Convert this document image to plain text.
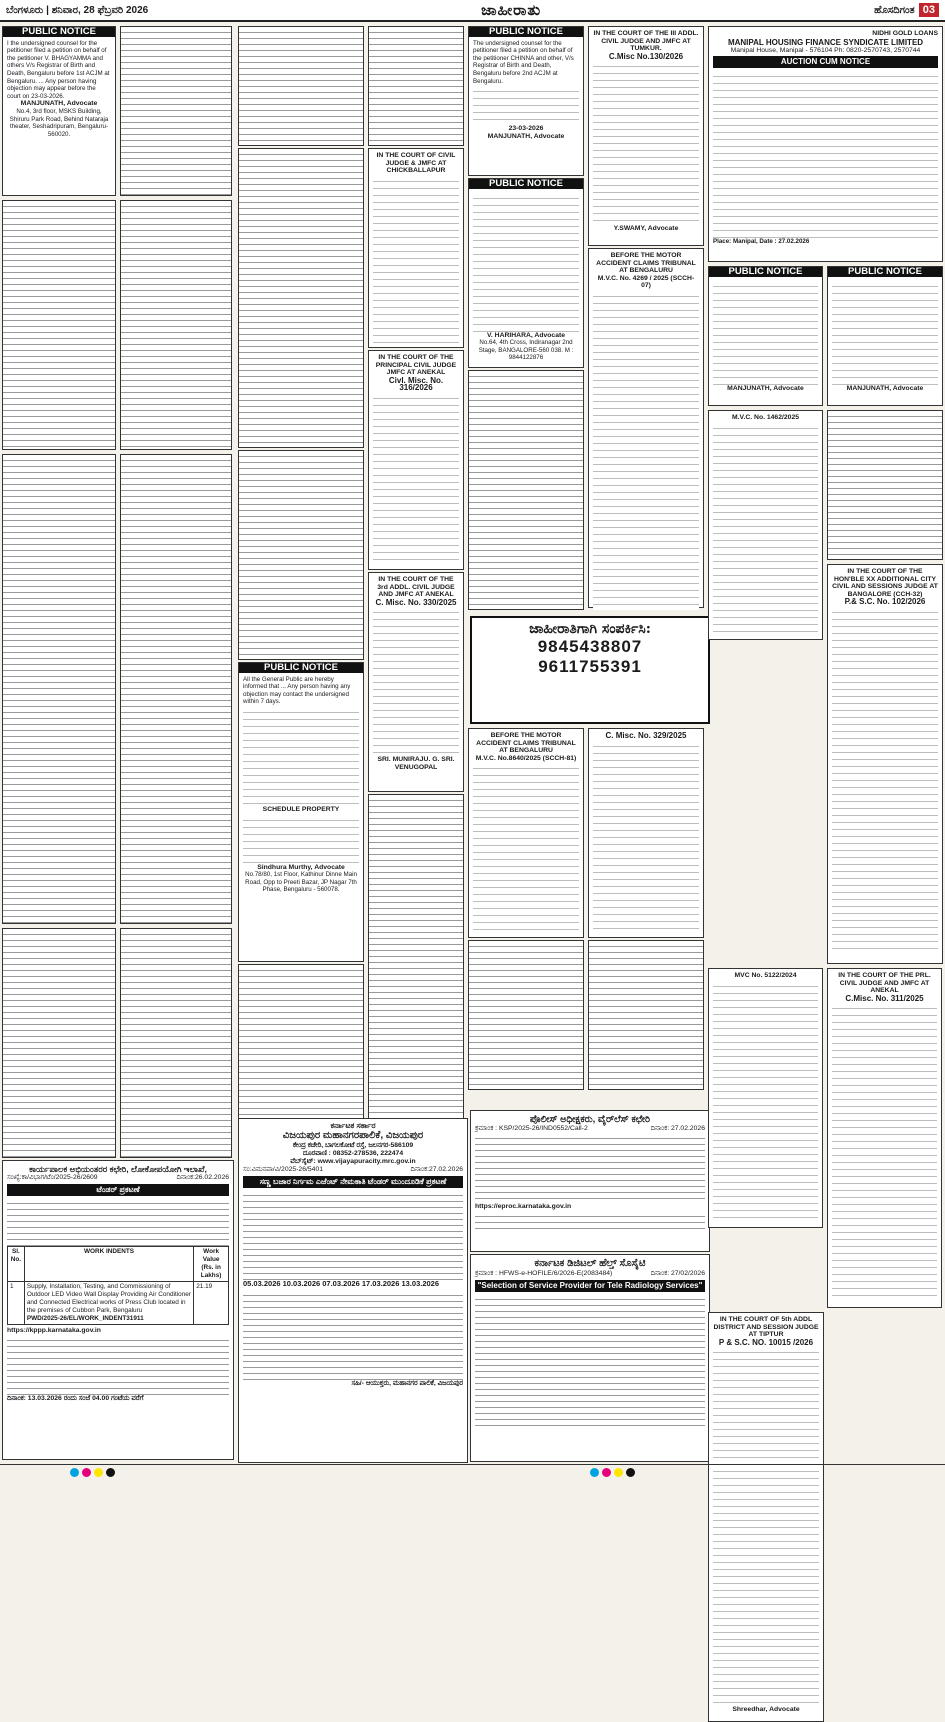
ಬೆಂಗಳೂರು | ಶನಿವಾರ, 28 ಫೆಬ್ರವರಿ 2026	ಜಾಹೀರಾತು	ಹೊಸದಿಗಂತ 03
PUBLIC NOTICE
I the undersigned counsel for the petitioner filed a petition on behalf of the petitioner V. BHAGYAMMA and others V/s Registrar of Birth and Death, Bengaluru before 1st ACJM at Bengaluru. ... Any person having objection may appear before the court on 23-03-2026.
MANJUNATH, Advocate
No.4, 3rd floor, MSKS Building, Shiruru Park Road, Behind Nataraja theater, Seshadripuram, Bengaluru-560020.
ಕಾರ್ಯಪಾಲಕ ಅಭಿಯಂತರರ ಕಛೇರಿ, ಲೋಕೋಪಯೋಗಿ ಇಲಾಖೆ,
ಸಂಖ್ಯೆ:ಕಾ/ವಿಭಾಗ/ಟೆಂ/2025-26/2609	ದಿನಾಂಕ:26.02.2026
ಟೆಂಡರ್ ಪ್ರಕಟಣೆ
Sl. No.	WORK INDENTS	Work Value (Rs. in Lakhs)
1	Supply, Installation, Testing, and Commissioning of Outdoor LED Video Wall Display Providing Air Conditioner and Connected Electrical works of Press Club located in the premises of Cubbon Park, Bengaluru
PWD/2025-26/EL/WORK_INDENT31911	21.19
https://kppp.karnataka.gov.in
ದಿನಾಂಕ: 13.03.2026 ರಂದು ಸಂಜೆ 04.00 ಗಂಟೆಯ ವರೆಗೆ
PUBLIC NOTICE
All the General Public are hereby informed that ... Any person having any objection may contact the undersigned within 7 days.
SCHEDULE PROPERTY
Sindhura Murthy, Advocate
No.78/80, 1st Floor, Kathinur Dinne Main Road, Opp to Preeti Bazar, JP Nagar 7th Phase, Bengaluru - 560078.
IN THE COURT OF CIVIL JUDGE & JMFC AT CHICKBALLAPUR
IN THE COURT OF THE PRINCIPAL CIVIL JUDGE JMFC AT ANEKAL
Civl. Misc. No. 316/2026
IN THE COURT OF THE 3rd ADDL. CIVIL JUDGE AND JMFC AT ANEKAL
C. Misc. No. 330/2025
SRI. MUNIRAJU. G. SRI. VENUGOPAL
ಕರ್ನಾಟಕ ಸರ್ಕಾರ
ವಿಜಯಪುರ ಮಹಾನಗರಪಾಲಿಕೆ, ವಿಜಯಪುರ
ಕೇಂದ್ರ ಕಚೇರಿ, ಬಾಗಲಕೋಟೆ ರಸ್ತೆ, ಜಲನಗರ-586109
ದೂರವಾಣಿ : 08352-278536, 222474
ವೆಬ್‌ಸೈಟ್: www.vijayapuracity.mrc.gov.in
ಸಂ:ವಿಮನಪಾ/ವಿ/2025-26/5401	ದಿನಾಂಕ:27.02.2026
ಸಣ್ಣ ಬಜಾರ ನಿರ್ಗಮ ಎಜೆಂಟ್ ನೇಮಕಾತಿ ಟೆಂಡರ್ ಮುಂದೂಡಿಕೆ ಪ್ರಕಟಣೆ
05.03.2026 10.03.2026 07.03.2026 17.03.2026 13.03.2026
ಸಹಿ/- ಆಯುಕ್ತರು, ಮಹಾನಗರ ಪಾಲಿಕೆ, ವಿಜಯಪುರ
PUBLIC NOTICE
The undersigned counsel for the petitioner filed a petition on behalf of the petitioner CHINNA and other, V/s Registrar of Birth and Death, Bengaluru before 2nd ACJM at Bengaluru.
23-03-2026
MANJUNATH, Advocate
PUBLIC NOTICE
V. HARIHARA, Advocate
No.64, 4th Cross, Indiranagar 2nd Stage, BANGALORE-560 038. M : 9844122876
ಜಾಹೀರಾತಿಗಾಗಿ ಸಂಪರ್ಕಿಸಿ:
9845438807
9611755391
BEFORE THE MOTOR ACCIDENT CLAIMS TRIBUNAL AT BENGALURU
M.V.C. No.8640/2025 (SCCH-81)
IN THE COURT OF THE III ADDL. CIVIL JUDGE AND JMFC AT TUMKUR.
C.Misc No.130/2026
Y.SWAMY, Advocate
BEFORE THE MOTOR ACCIDENT CLAIMS TRIBUNAL AT BENGALURU
M.V.C. No. 4269 / 2025 (SCCH-07)
C. Misc. No. 329/2025
ಪೊಲೀಸ್ ಅಧೀಕ್ಷಕರು, ವೈರ್‌ಲೆಸ್ ಕಛೇರಿ
ಕ್ರಮಾಂಕ : KSP/2025-26/IND0552/Call-2	ದಿನಾಂಕ: 27.02.2026
https://eproc.karnataka.gov.in
ಕರ್ನಾಟಕ ಡಿಜಿಟಲ್ ಹೆಲ್ತ್ ಸೊಸೈಟಿ
ಕ್ರಮಾಂಕ : HFWS-e-HOFILE/6/2026-E(2083484)	ದಿನಾಂಕ: 27/02/2026
"Selection of Service Provider for Tele Radiology Services"
NIDHI GOLD LOANS
MANIPAL HOUSING FINANCE SYNDICATE LIMITED
Manipal House, Manipal - 576104 Ph: 0820-2570743, 2570744
AUCTION CUM NOTICE
Place: Manipal, Date : 27.02.2026
PUBLIC NOTICE
MANJUNATH, Advocate
PUBLIC NOTICE
MANJUNATH, Advocate
M.V.C. No. 1462/2025
IN THE COURT OF THE HON'BLE XX ADDITIONAL CITY CIVIL AND SESSIONS JUDGE AT BANGALORE (CCH-32)
P.& S.C. No. 102/2026
MVC No. 5122/2024	IN THE COURT OF THE PRL. CIVIL JUDGE AND JMFC AT ANEKAL
C.Misc. No. 311/2025
IN THE COURT OF 5th ADDL DISTRICT AND SESSION JUDGE AT TIPTUR
P & S.C. NO. 10015 /2026
Shreedhar, Advocate
